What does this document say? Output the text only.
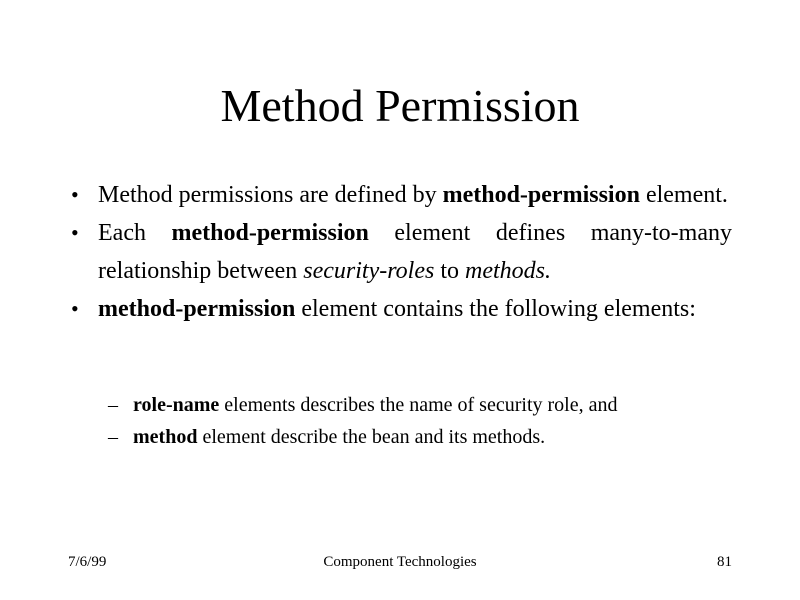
Method Permission
• Method permissions are defined by method-permission element.
• Each method-permission element defines many-to-many relationship between security-roles to methods.
• method-permission element contains the following elements:
– role-name elements describes the name of security role, and
– method element describe the bean and its methods.
7/6/99	Component Technologies	81
